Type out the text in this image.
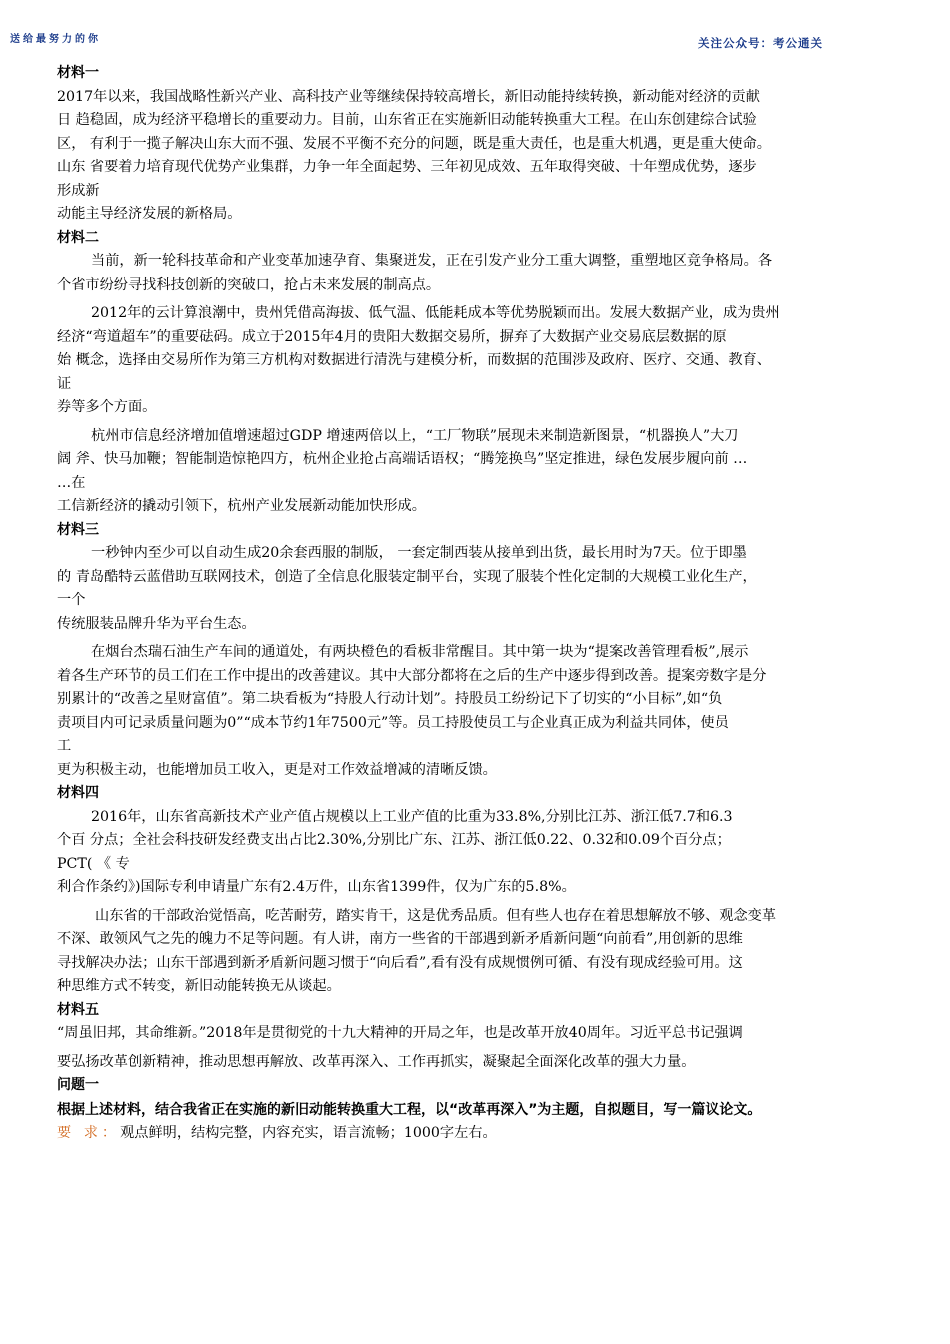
送给最努力的你	关注公众号：考公通关

材料一

2017年以来，我国战略性新兴产业、高科技产业等继续保持较高增长，新旧动能持续转换，新动能对经济的贡献

日 趋稳固，成为经济平稳增长的重要动力。目前，山东省正在实施新旧动能转换重大工程。在山东创建综合试验

区， 有利于一揽子解决山东大而不强、发展不平衡不充分的问题，既是重大责任，也是重大机遇，更是重大使命。

山东 省要着力培育现代优势产业集群，力争一年全面起势、三年初见成效、五年取得突破、十年塑成优势，逐步

形成新

动能主导经济发展的新格局。

材料二

当前，新一轮科技革命和产业变革加速孕育、集聚迸发，正在引发产业分工重大调整，重塑地区竞争格局。各

个省市纷纷寻找科技创新的突破口，抢占未来发展的制高点。

2012年的云计算浪潮中，贵州凭借高海拔、低气温、低能耗成本等优势脱颖而出。发展大数据产业，成为贵州

经济“弯道超车”的重要砝码。成立于2015年4月的贵阳大数据交易所，摒弃了大数据产业交易底层数据的原

始 概念，选择由交易所作为第三方机构对数据进行清洗与建模分析，而数据的范围涉及政府、医疗、交通、教育、

证

券等多个方面。

杭州市信息经济增加值增速超过GDP 增速两倍以上，“工厂物联”展现未来制造新图景，“机器换人”大刀

阔 斧、快马加鞭；智能制造惊艳四方，杭州企业抢占高端话语权；“腾笼换鸟”坚定推进，绿色发展步履向前 …

…在

工信新经济的撬动引领下，杭州产业发展新动能加快形成。

材料三

一秒钟内至少可以自动生成20余套西服的制版， 一套定制西装从接单到出货，最长用时为7天。位于即墨

的 青岛酷特云蓝借助互联网技术，创造了全信息化服装定制平台，实现了服装个性化定制的大规模工业化生产，

一个

传统服装品牌升华为平台生态。

在烟台杰瑞石油生产车间的通道处，有两块橙色的看板非常醒目。其中第一块为“提案改善管理看板”,展示

着各生产环节的员工们在工作中提出的改善建议。其中大部分都将在之后的生产中逐步得到改善。提案旁数字是分

别累计的“改善之星财富值”。第二块看板为“持股人行动计划”。持股员工纷纷记下了切实的“小目标”,如“负

责项目内可记录质量问题为0”“成本节约1年7500元”等。员工持股使员工与企业真正成为利益共同体，使员

工

更为积极主动，也能增加员工收入，更是对工作效益增减的清晰反馈。

材料四

2016年，山东省高新技术产业产值占规模以上工业产值的比重为33.8%,分别比江苏、浙江低7.7和6.3

个百 分点；全社会科技研发经费支出占比2.30%,分别比广东、江苏、浙江低0.22、0.32和0.09个百分点；

PCT( 《 专

利合作条约》)国际专利申请量广东有2.4万件，山东省1399件，仅为广东的5.8%。

山东省的干部政治觉悟高，吃苦耐劳，踏实肯干，这是优秀品质。但有些人也存在着思想解放不够、观念变革

不深、敢领风气之先的魄力不足等问题。有人讲，南方一些省的干部遇到新矛盾新问题“向前看”,用创新的思维

寻找解决办法；山东干部遇到新矛盾新问题习惯于“向后看”,看有没有成规惯例可循、有没有现成经验可用。这

种思维方式不转变，新旧动能转换无从谈起。

材料五

“周虽旧邦，其命维新。”2018年是贯彻党的十九大精神的开局之年，也是改革开放40周年。习近平总书记强调

要弘扬改革创新精神，推动思想再解放、改革再深入、工作再抓实，凝聚起全面深化改革的强大力量。

问题一

根据上述材料，结合我省正在实施的新旧动能转换重大工程，以“改革再深入”为主题，自拟题目，写一篇议论文。

要 求：观点鲜明，结构完整，内容充实，语言流畅；1000字左右。
